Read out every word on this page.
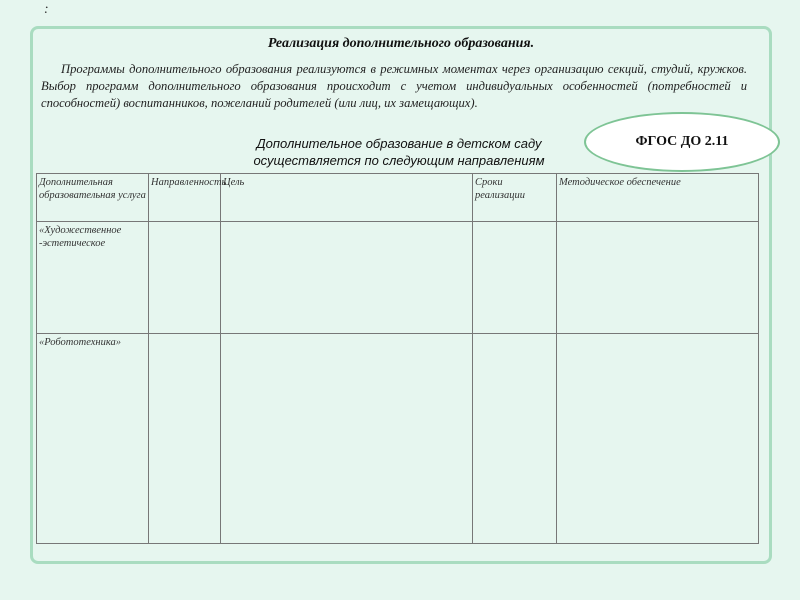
:
Реализация дополнительного образования.

Программы дополнительного образования реализуются в режимных моментах через организацию секций, студий, кружков. Выбор программ дополнительного образования происходит с учетом индивидуальных особенностей (потребностей и способностей) воспитанников, пожеланий родителей (или лиц, их замещающих).

Дополнительное образование в детском саду
осуществляется по следующим направлениям
ФГОС ДО 2.11
Дополнительная образовательная услуга	Направленность	Цель	Сроки реализации	Методическое обеспечение
«Художественное -эстетическое				
«Робототехника»				
